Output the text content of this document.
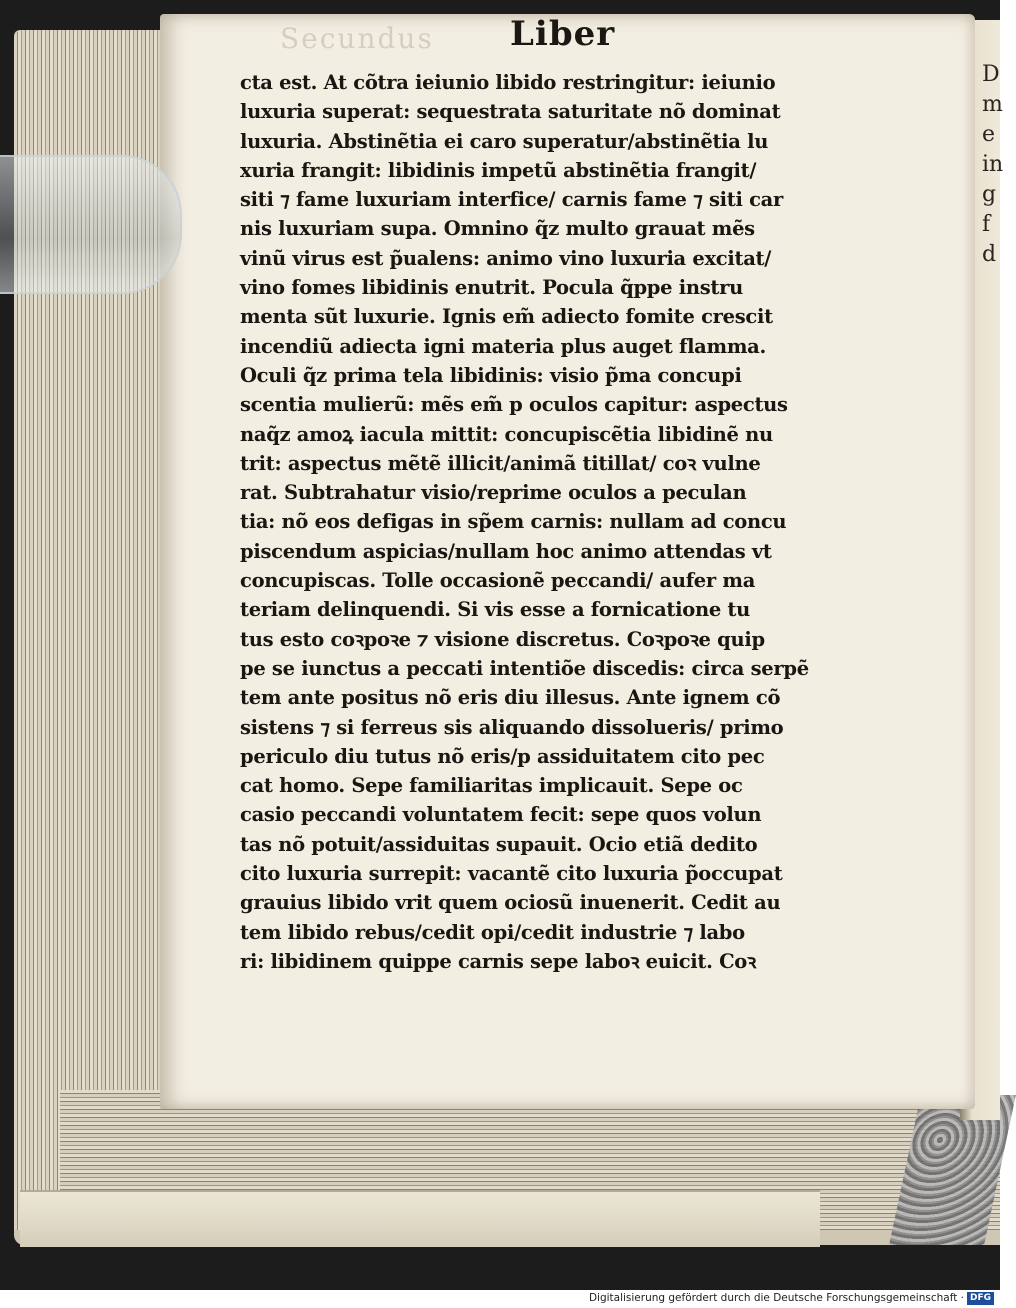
D
m
e
in
g
f
d
Secundus Liber
cta est. At cõtra ieiunio libido restringitur: ieiunio
luxuria superat: sequestrata saturitate nõ dominat
luxuria. Abstinẽtia ei caro superatur/abstinẽtia lu
xuria frangit: libidinis impetũ abstinẽtia frangit/
siti ⁊ fame luxuriam interfice/ carnis fame ⁊ siti car
nis luxuriam supa. Omnino q̃z multo grauat mẽs
vinũ virus est p̃ualens: animo vino luxuria excitat/
vino fomes libidinis enutrit. Pocula q̃ppe instru
menta sũt luxurie. Ignis em̃ adiecto fomite crescit
incendiũ adiecta igni materia plus auget flamma.
Oculi q̃z prima tela libidinis: visio p̃ma concupi
scentia mulierũ: mẽs em̃ p oculos capitur: aspectus
naq̃z amoꝝ iacula mittit: concupiscẽtia libidinẽ nu
trit: aspectus mẽtẽ illicit/animã titillat/ coꝛ vulne
rat. Subtrahatur visio/reprime oculos a peculan
tia: nõ eos defigas in sp̃em carnis: nullam ad concu
piscendum aspicias/nullam hoc animo attendas vt
concupiscas. Tolle occasionẽ peccandi/ aufer ma
teriam delinquendi. Si vis esse a fornicatione tu
tus esto coꝛpoꝛe ⁊ visione discretus. Coꝛpoꝛe quip
pe se iunctus a peccati intentiõe discedis: circa serpẽ
tem ante positus nõ eris diu illesus. Ante ignem cõ
sistens ⁊ si ferreus sis aliquando dissolueris/ primo
periculo diu tutus nõ eris/p assiduitatem cito pec
cat homo. Sepe familiaritas implicauit. Sepe oc
casio peccandi voluntatem fecit: sepe quos volun
tas nõ potuit/assiduitas supauit. Ocio etiã dedito
cito luxuria surrepit: vacantẽ cito luxuria p̃occupat
grauius libido vrit quem ociosũ inuenerit. Cedit au
tem libido rebus/cedit opi/cedit industrie ⁊ labo
ri: libidinem quippe carnis sepe laboꝛ euicit. Coꝛ
Digitalisierung gefördert durch die Deutsche Forschungsgemeinschaft · DFG
